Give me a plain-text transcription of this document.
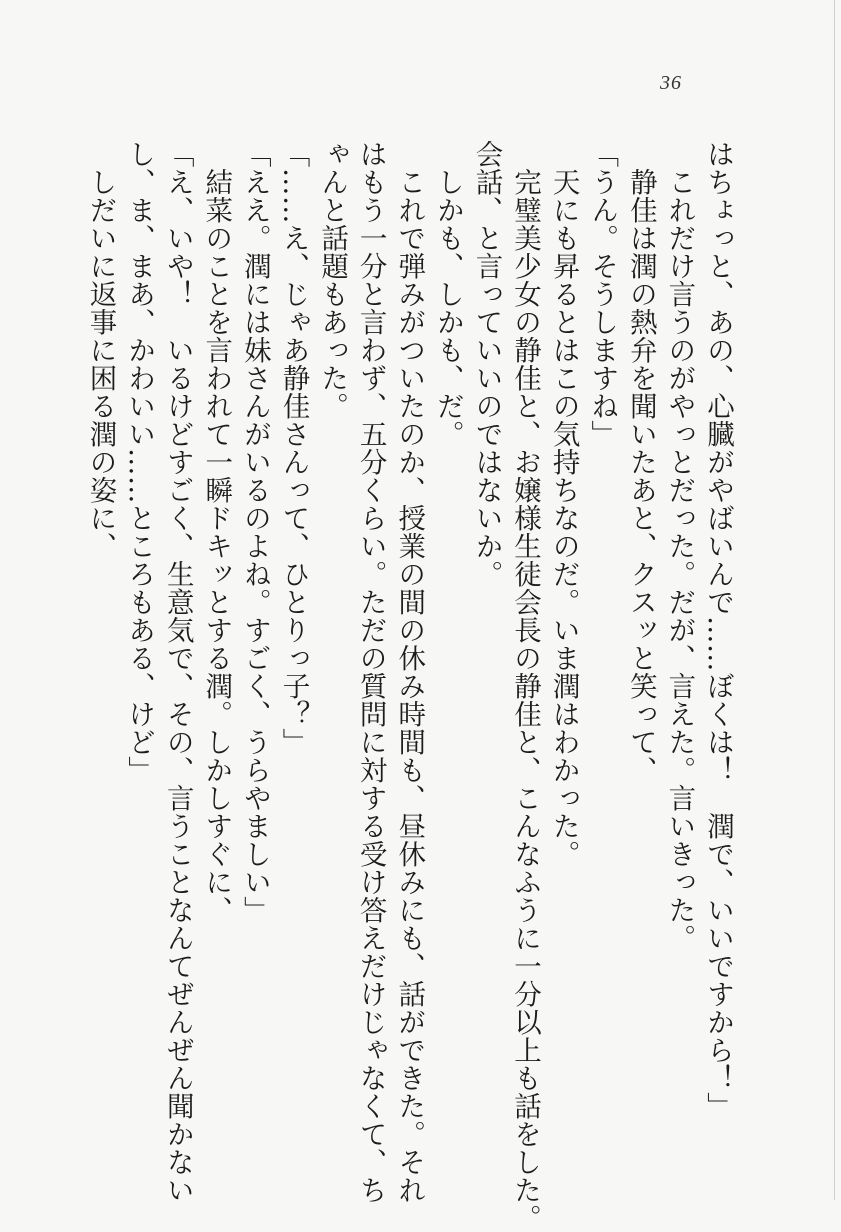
36

はちょっと、あの、心臓がやばいんで……ぼくは！　潤で、いいですから！」

　これだけ言うのがやっとだった。だが、言えた。言いきった。

　静佳は潤の熱弁を聞いたあと、クスッと笑って、

「うん。そうしますね」

　天にも昇るとはこの気持ちなのだ。いま潤はわかった。

　完璧美少女の静佳と、お嬢様生徒会長の静佳と、こんなふうに一分以上も話をした。

会話、と言っていいのではないか。

　しかも、しかも、だ。

　これで弾みがついたのか、授業の間の休み時間も、昼休みにも、話ができた。それ

はもう一分と言わず、五分くらい。ただの質問に対する受け答えだけじゃなくて、ち

ゃんと話題もあった。

「……え、じゃあ静佳さんって、ひとりっ子？」

「ええ。潤には妹さんがいるのよね。すごく、うらやましい」

　結菜のことを言われて一瞬ドキッとする潤。しかしすぐに、

「え、いや！　いるけどすごく、生意気で、その、言うことなんてぜんぜん聞かない

し、ま、まあ、かわいい……ところもある、けど」

　しだいに返事に困る潤の姿に、
